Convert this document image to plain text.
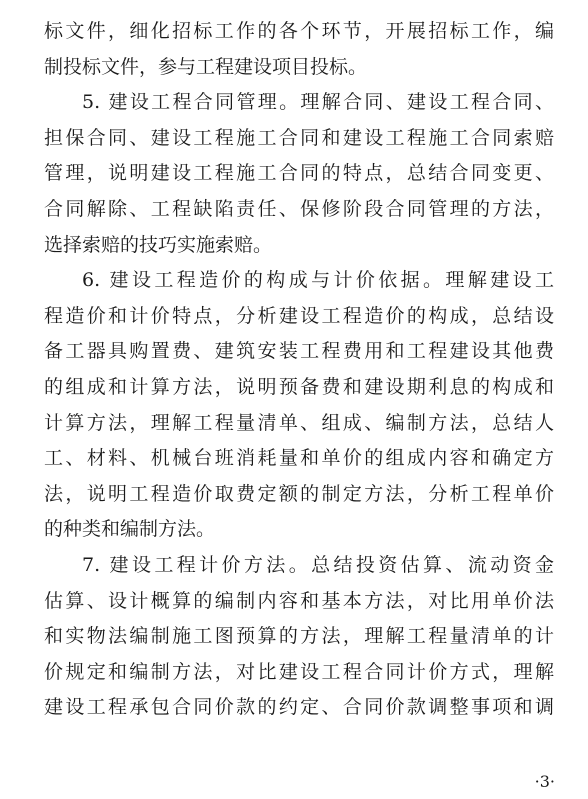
标文件，细化招标工作的各个环节，开展招标工作，编
制投标文件，参与工程建设项目投标。
5. 建设工程合同管理。理解合同、建设工程合同、
担保合同、建设工程施工合同和建设工程施工合同索赔
管理，说明建设工程施工合同的特点，总结合同变更、
合同解除、工程缺陷责任、保修阶段合同管理的方法，
选择索赔的技巧实施索赔。
6. 建设工程造价的构成与计价依据。理解建设工
程造价和计价特点，分析建设工程造价的构成，总结设
备工器具购置费、建筑安装工程费用和工程建设其他费
的组成和计算方法，说明预备费和建设期利息的构成和
计算方法，理解工程量清单、组成、编制方法，总结人
工、材料、机械台班消耗量和单价的组成内容和确定方
法，说明工程造价取费定额的制定方法，分析工程单价
的种类和编制方法。
7. 建设工程计价方法。总结投资估算、流动资金
估算、设计概算的编制内容和基本方法，对比用单价法
和实物法编制施工图预算的方法，理解工程量清单的计
价规定和编制方法，对比建设工程合同计价方式，理解
建设工程承包合同价款的约定、合同价款调整事项和调
·3·
